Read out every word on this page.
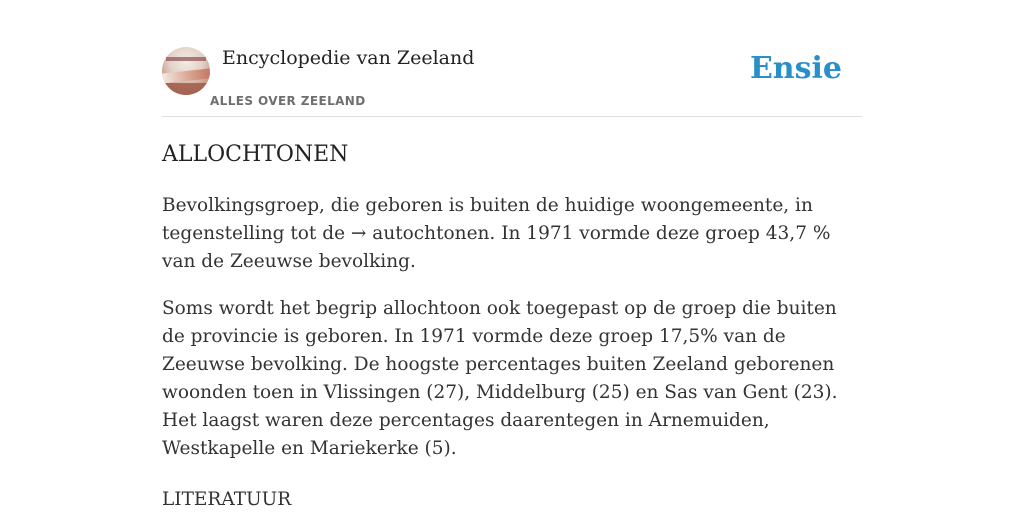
Encyclopedie van Zeeland
ALLES OVER ZEELAND
Ensie
ALLOCHTONEN

Bevolkingsgroep, die geboren is buiten de huidige woongemeente, in tegenstelling tot de → autochtonen. In 1971 vormde deze groep 43,7 % van de Zeeuwse bevolking.

Soms wordt het begrip allochtoon ook toegepast op de groep die buiten de provincie is geboren. In 1971 vormde deze groep 17,5% van de Zeeuwse bevolking. De hoogste percentages buiten Zeeland geborenen woonden toen in Vlissingen (27), Middelburg (25) en Sas van Gent (23). Het laagst waren deze percentages daarentegen in Arnemuiden, Westkapelle en Mariekerke (5).

LITERATUUR
